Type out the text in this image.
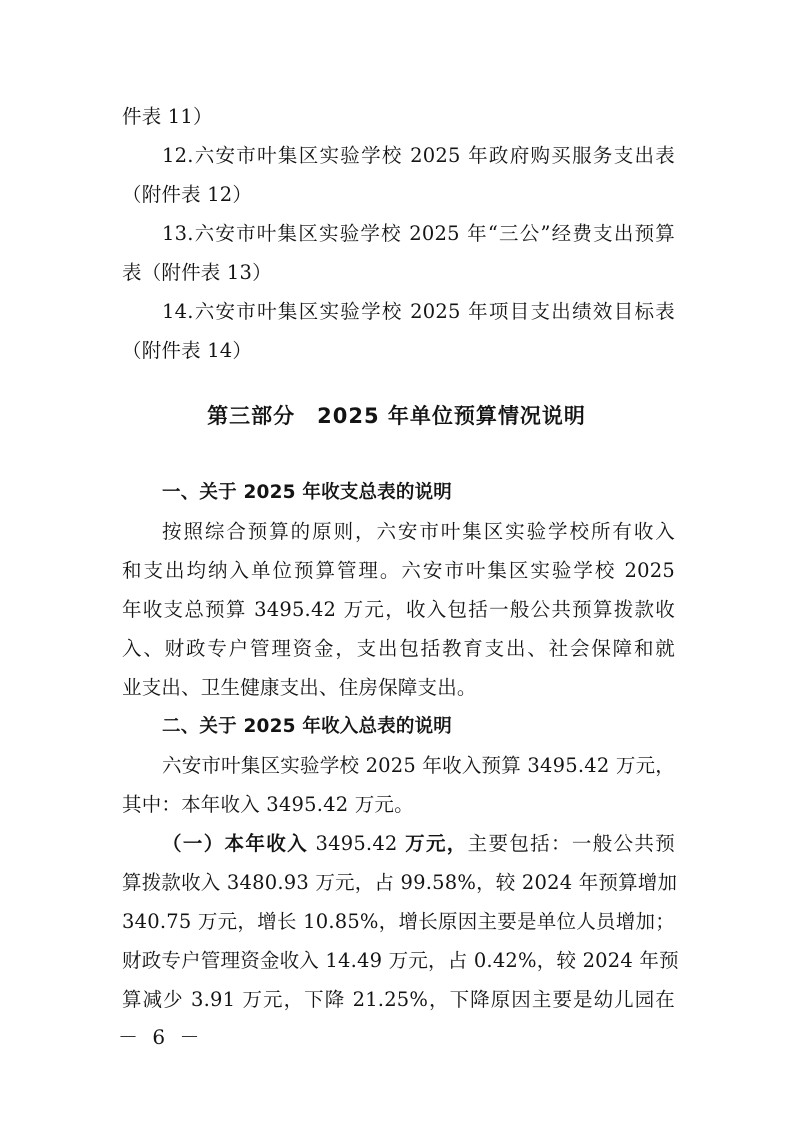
件表 11）
12.六安市叶集区实验学校 2025 年政府购买服务支出表
（附件表 12）
13.六安市叶集区实验学校 2025 年“三公”经费支出预算
表（附件表 13）
14.六安市叶集区实验学校 2025 年项目支出绩效目标表
（附件表 14）
第三部分 2025 年单位预算情况说明
一、关于 2025 年收支总表的说明
按照综合预算的原则，六安市叶集区实验学校所有收入
和支出均纳入单位预算管理。六安市叶集区实验学校 2025
年收支总预算 3495.42 万元，收入包括一般公共预算拨款收
入、财政专户管理资金，支出包括教育支出、社会保障和就
业支出、卫生健康支出、住房保障支出。
二、关于 2025 年收入总表的说明
六安市叶集区实验学校 2025 年收入预算 3495.42 万元，
其中：本年收入 3495.42 万元。
（一）本年收入 3495.42 万元，主要包括：一般公共预
算拨款收入 3480.93 万元，占 99.58%，较 2024 年预算增加
340.75 万元，增长 10.85%，增长原因主要是单位人员增加；
财政专户管理资金收入 14.49 万元，占 0.42%，较 2024 年预
算减少 3.91 万元，下降 21.25%，下降原因主要是幼儿园在
－ 6 －
